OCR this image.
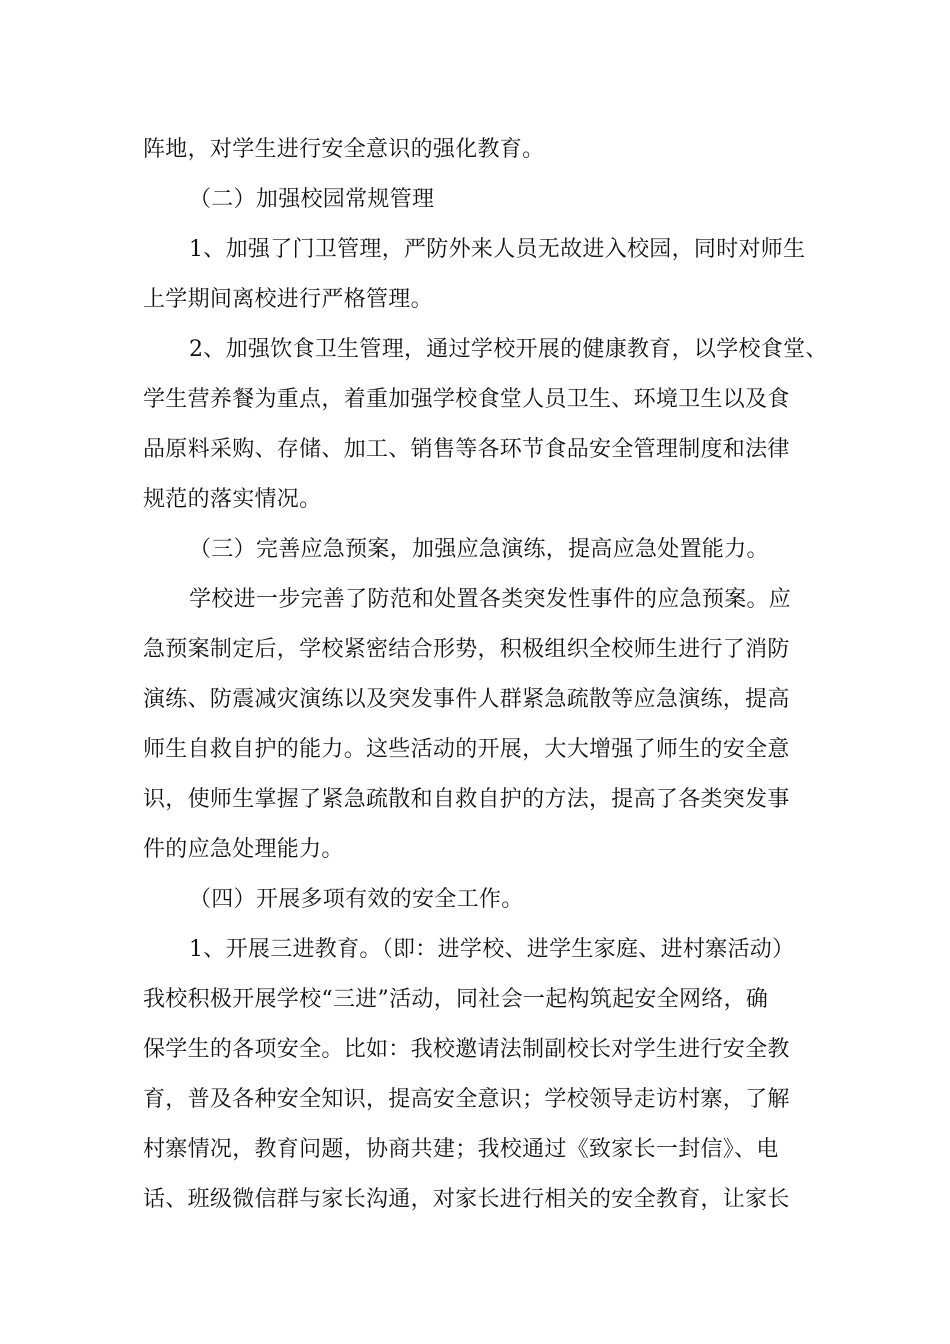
阵地，对学生进行安全意识的强化教育。
（二）加强校园常规管理
1、加强了门卫管理，严防外来人员无故进入校园，同时对师生
上学期间离校进行严格管理。
2、加强饮食卫生管理，通过学校开展的健康教育，以学校食堂、
学生营养餐为重点，着重加强学校食堂人员卫生、环境卫生以及食
品原料采购、存储、加工、销售等各环节食品安全管理制度和法律
规范的落实情况。
（三）完善应急预案，加强应急演练，提高应急处置能力。
学校进一步完善了防范和处置各类突发性事件的应急预案。应
急预案制定后，学校紧密结合形势，积极组织全校师生进行了消防
演练、防震减灾演练以及突发事件人群紧急疏散等应急演练，提高
师生自救自护的能力。这些活动的开展，大大增强了师生的安全意
识，使师生掌握了紧急疏散和自救自护的方法，提高了各类突发事
件的应急处理能力。
（四）开展多项有效的安全工作。
1、开展三进教育。（即：进学校、进学生家庭、进村寨活动）
我校积极开展学校“三进”活动，同社会一起构筑起安全网络，确
保学生的各项安全。比如：我校邀请法制副校长对学生进行安全教
育，普及各种安全知识，提高安全意识；学校领导走访村寨，了解
村寨情况，教育问题，协商共建；我校通过《致家长一封信》、电
话、班级微信群与家长沟通，对家长进行相关的安全教育，让家长
